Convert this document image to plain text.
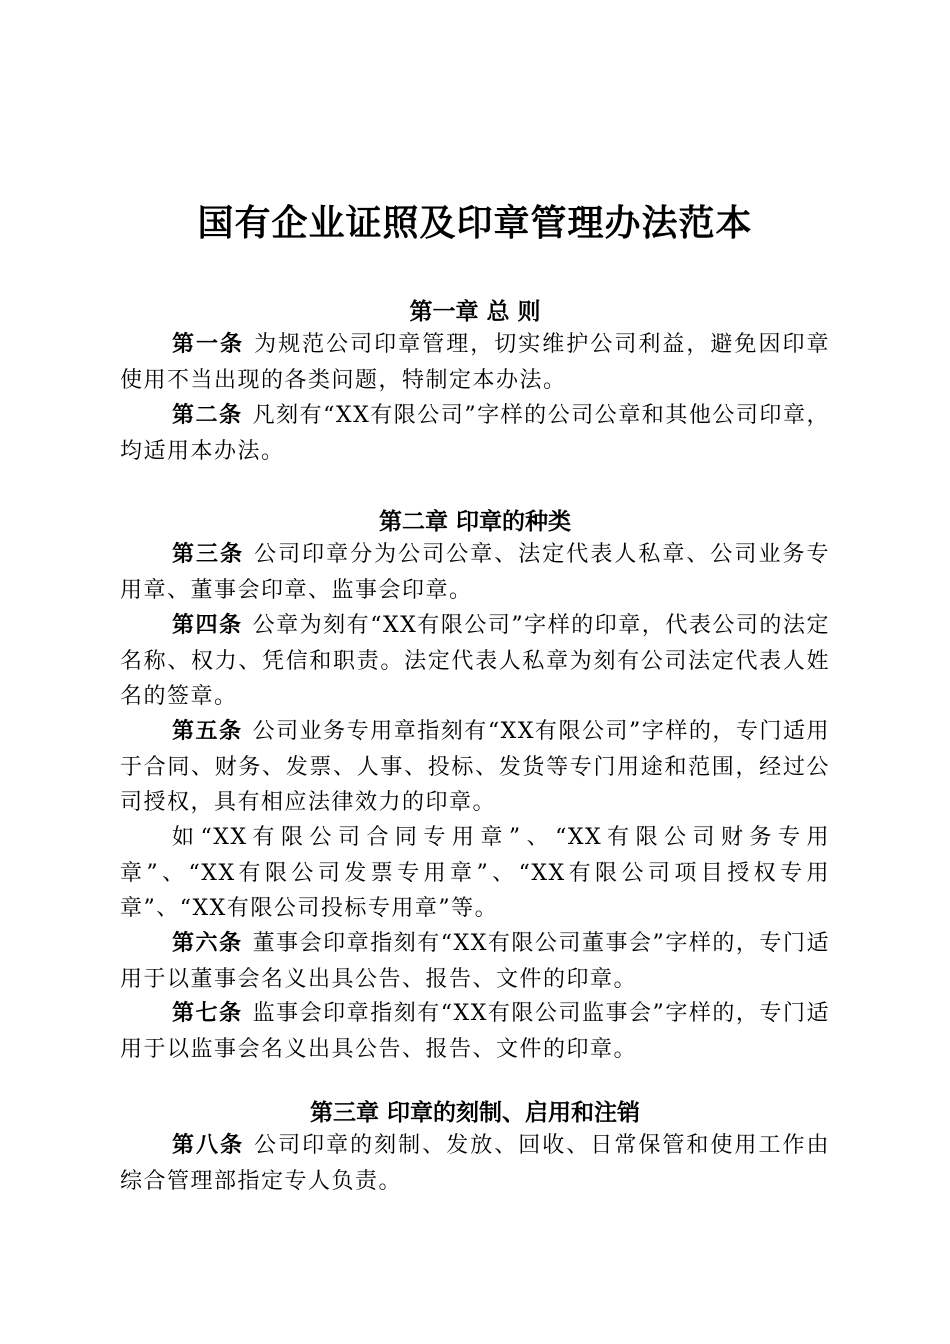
国有企业证照及印章管理办法范本
第一章 总 则

第一条 为规范公司印章管理，切实维护公司利益，避免因印章使用不当出现的各类问题，特制定本办法。

第二条 凡刻有“XX有限公司”字样的公司公章和其他公司印章，均适用本办法。

第二章 印章的种类

第三条 公司印章分为公司公章、法定代表人私章、公司业务专用章、董事会印章、监事会印章。

第四条 公章为刻有“XX有限公司”字样的印章，代表公司的法定名称、权力、凭信和职责。法定代表人私章为刻有公司法定代表人姓名的签章。

第五条 公司业务专用章指刻有“XX有限公司”字样的，专门适用于合同、财务、发票、人事、投标、发货等专门用途和范围，经过公司授权，具有相应法律效力的印章。

如“XX有限公司合同专用章”、“XX有限公司财务专用章”、“XX有限公司发票专用章”、“XX有限公司项目授权专用章”、“XX有限公司投标专用章”等。

第六条 董事会印章指刻有“XX有限公司董事会”字样的，专门适用于以董事会名义出具公告、报告、文件的印章。

第七条 监事会印章指刻有“XX有限公司监事会”字样的，专门适用于以监事会名义出具公告、报告、文件的印章。

第三章 印章的刻制、启用和注销

第八条 公司印章的刻制、发放、回收、日常保管和使用工作由综合管理部指定专人负责。
